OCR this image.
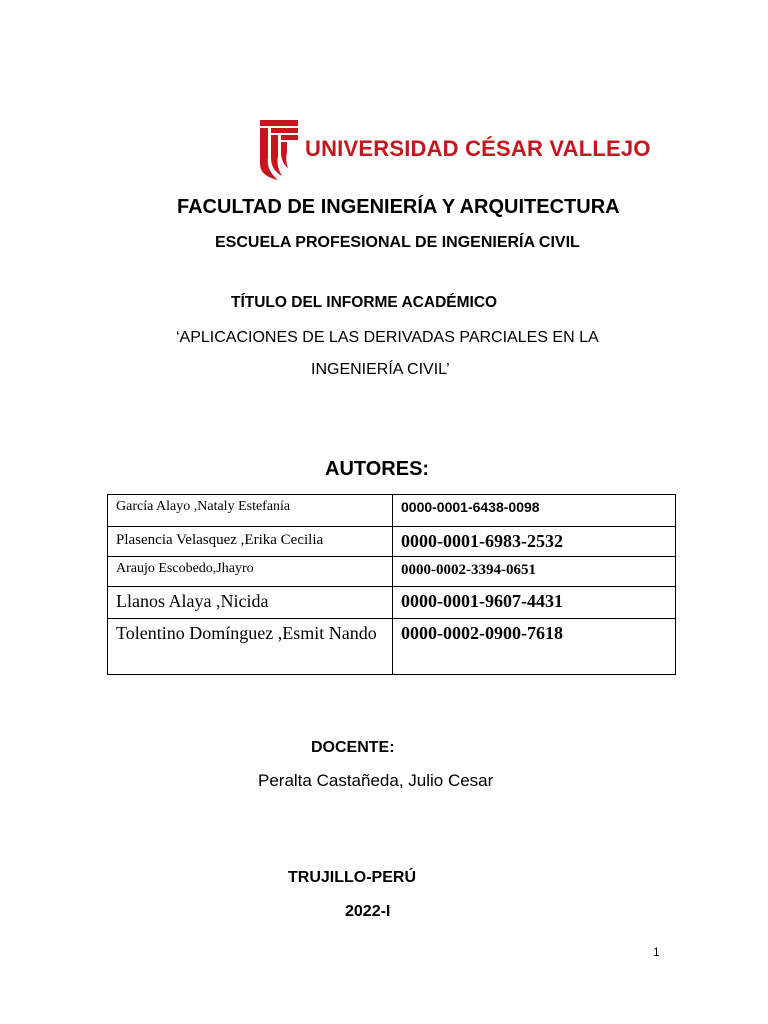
UNIVERSIDAD CÉSAR VALLEJO
FACULTAD DE INGENIERÍA Y ARQUITECTURA
ESCUELA PROFESIONAL DE INGENIERÍA CIVIL
TÍTULO DEL INFORME ACADÉMICO
‘APLICACIONES DE LAS DERIVADAS PARCIALES EN LA
INGENIERÍA CIVIL’
AUTORES:
García Alayo ,Nataly Estefanía	0000-0001-6438-0098
Plasencia Velasquez ,Erika Cecilia	0000-0001-6983-2532
Araujo Escobedo,Jhayro	0000-0002-3394-0651
Llanos Alaya ,Nicida	0000-0001-9607-4431
Tolentino Domínguez ,Esmit Nando	0000-0002-0900-7618
DOCENTE:
Peralta Castañeda, Julio Cesar
TRUJILLO-PERÚ
2022-I
1
